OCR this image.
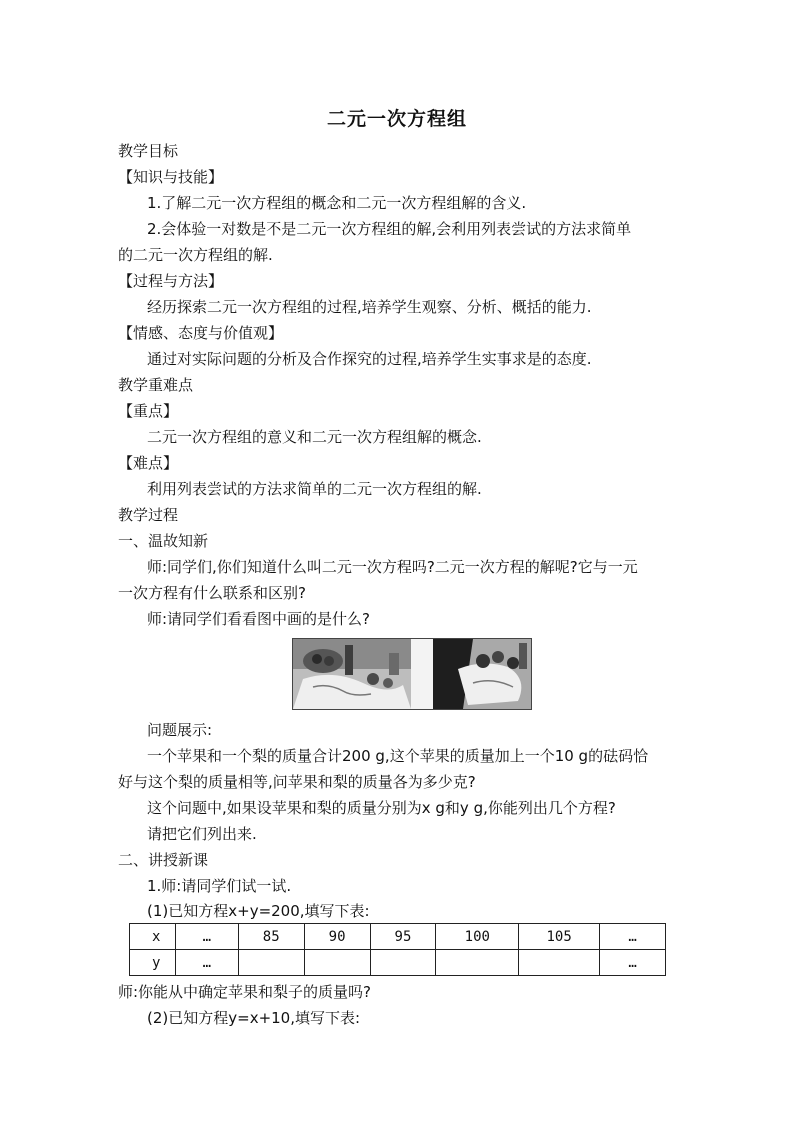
二元一次方程组
教学目标
【知识与技能】
1.了解二元一次方程组的概念和二元一次方程组解的含义.
2.会体验一对数是不是二元一次方程组的解,会利用列表尝试的方法求简单
的二元一次方程组的解.
【过程与方法】
经历探索二元一次方程组的过程,培养学生观察、分析、概括的能力.
【情感、态度与价值观】
通过对实际问题的分析及合作探究的过程,培养学生实事求是的态度.
教学重难点
【重点】
二元一次方程组的意义和二元一次方程组解的概念.
【难点】
利用列表尝试的方法求简单的二元一次方程组的解.
教学过程
一、温故知新
师:同学们,你们知道什么叫二元一次方程吗?二元一次方程的解呢?它与一元
一次方程有什么联系和区别?
师:请同学们看看图中画的是什么?
问题展示:
一个苹果和一个梨的质量合计200 g,这个苹果的质量加上一个10 g的砝码恰
好与这个梨的质量相等,问苹果和梨的质量各为多少克?
这个问题中,如果设苹果和梨的质量分别为x g和y g,你能列出几个方程?
请把它们列出来.
二、讲授新课
1.师:请同学们试一试.
(1)已知方程x+y=200,填写下表:
x	…	85	90	95	100	105	…
y	…						…
师:你能从中确定苹果和梨子的质量吗?
(2)已知方程y=x+10,填写下表:
